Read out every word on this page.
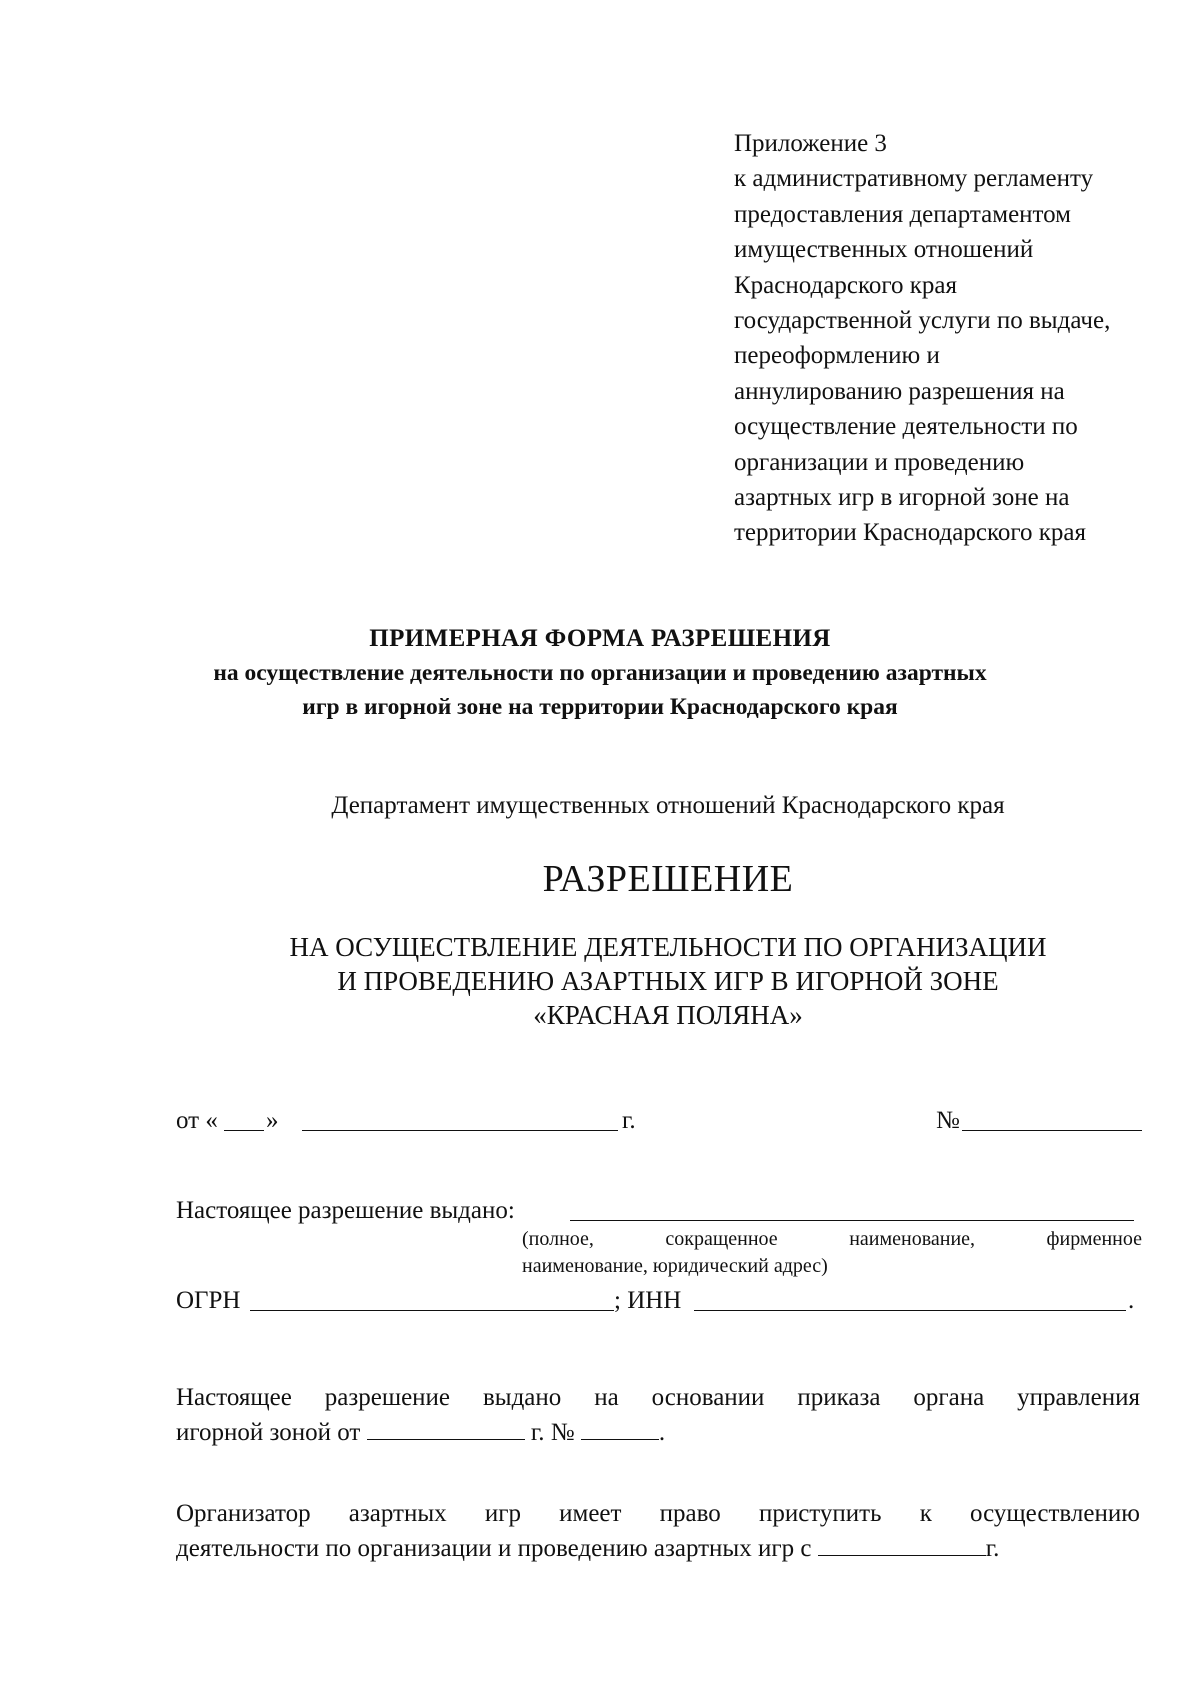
Приложение 3
к административному регламенту
предоставления департаментом
имущественных отношений
Краснодарского края
государственной услуги по выдаче,
переоформлению и
аннулированию разрешения на
осуществление деятельности по
организации и проведению
азартных игр в игорной зоне на
территории Краснодарского края
ПРИМЕРНАЯ ФОРМА РАЗРЕШЕНИЯ
на осуществление деятельности по организации и проведению азартных
игр в игорной зоне на территории Краснодарского края
Департамент имущественных отношений Краснодарского края
РАЗРЕШЕНИЕ
НА ОСУЩЕСТВЛЕНИЕ ДЕЯТЕЛЬНОСТИ ПО ОРГАНИЗАЦИИ
И ПРОВЕДЕНИЮ АЗАРТНЫХ ИГР В ИГОРНОЙ ЗОНЕ
«КРАСНАЯ ПОЛЯНА»
от « »	г.	№
Настоящее разрешение выдано:
(полное,	сокращенное	наименование,	фирменное
наименование, юридический адрес)
ОГРН	; ИНН	.
Настоящее разрешение выдано на основании приказа органа управления
игорной зоной от	г. №	.
Организатор азартных игр имеет право приступить к осуществлению
деятельности по организации и проведению азартных игр с	г.
